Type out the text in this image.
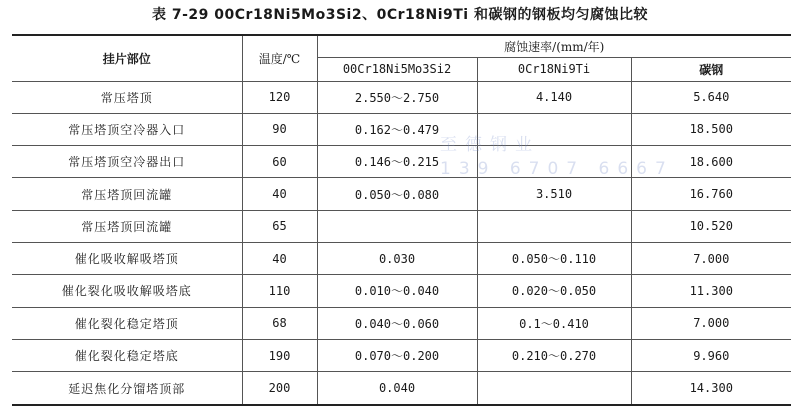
表 7-29 00Cr18Ni5Mo3Si2、0Cr18Ni9Ti 和碳钢的钢板均匀腐蚀比较
挂片部位	温度/℃	腐蚀速率/(mm/年)		
		00Cr18Ni5Mo3Si2	0Cr18Ni9Ti	碳钢
常压塔顶	120	2.550～2.750	4.140	5.640
常压塔顶空冷器入口	90	0.162～0.479		18.500
常压塔顶空冷器出口	60	0.146～0.215		18.600
常压塔顶回流罐	40	0.050～0.080	3.510	16.760
常压塔顶回流罐	65			10.520
催化吸收解吸塔顶	40	0.030	0.050～0.110	7.000
催化裂化吸收解吸塔底	110	0.010～0.040	0.020～0.050	11.300
催化裂化稳定塔顶	68	0.040～0.060	0.1～0.410	7.000
催化裂化稳定塔底	190	0.070～0.200	0.210～0.270	9.960
延迟焦化分馏塔顶部	200	0.040		14.300
至德钢业
139 6707 6667
